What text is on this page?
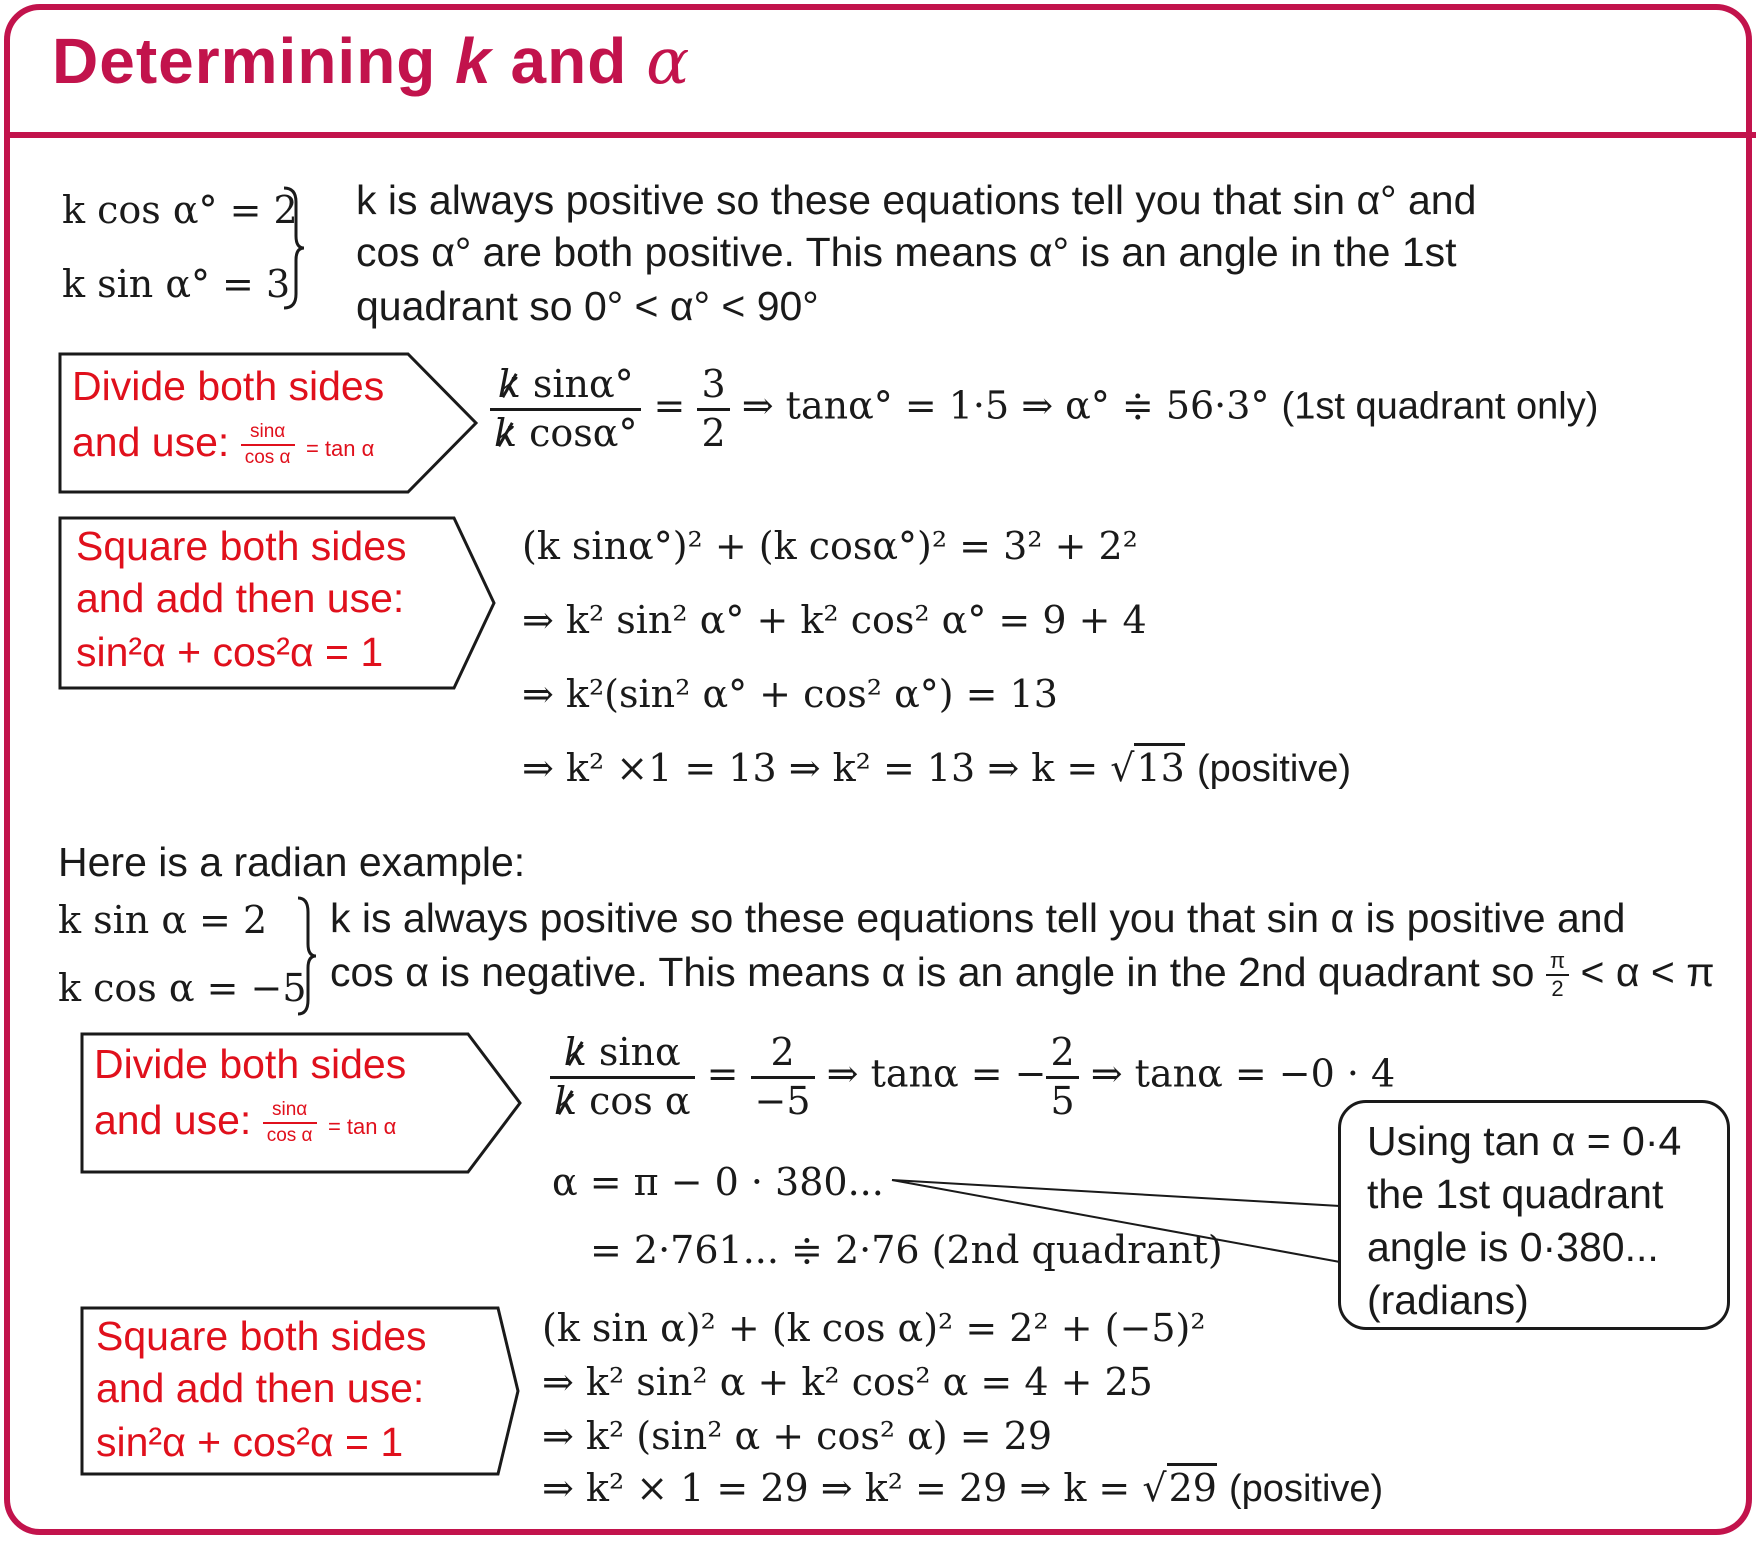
Determining k and α
k cos α° = 2
k sin α° = 3
k is always positive so these equations tell you that sin α° and
cos α° are both positive. This means α° is an angle in the 1st
quadrant so 0° < α° < 90°
Divide both sides
and use: $\frac{\sin\alpha}{\text{cos α}} = \tan \alpha$	$\frac{\text{k sinα°}}{\text{k cosα°}} = \frac{3}{2}$ ⇒ tanα° = 1·5 ⇒ α° ≑ 56·3° (1st quadrant only)
Square both sides
and add then use:
sin²α + cos²α = 1
(k sinα°)² + (k cosα°)² = 3² + 2²
⇒ k² sin² α° + k² cos² α° = 9 + 4
⇒ k²(sin² α° + cos² α°) = 13
⇒ k² ×1 = 13 ⇒ k² = 13 ⇒ k = √13 (positive)
Here is a radian example:
k sin α = 2
k cos α = −5
k is always positive so these equations tell you that sin α is positive and
cos α is negative. This means α is an angle in the 2nd quadrant so $\frac{\pi}{2} < \alpha < \pi$
Divide both sides
and use: $\frac{\sin\alpha}{\text{cos α}} = \tan \alpha$
$\frac{\text{k sinα}}{\text{k cos α}} = \frac{2}{-5}$ ⇒ tanα = − $\frac{2}{5}$ ⇒ tanα = −0 · 4
α = π − 0 · 380...
= 2·761... ≑ 2·76 (2nd quadrant)
Using tan α = 0·4
the 1st quadrant
angle is 0·380...
(radians)
Square both sides
and add then use:
sin²α + cos²α = 1
(k sin α)² + (k cos α)² = 2² + (−5)²
⇒ k² sin² α + k² cos² α = 4 + 25
⇒ k² (sin² α + cos² α) = 29
⇒ k² × 1 = 29 ⇒ k² = 29 ⇒ k = √29 (positive)
